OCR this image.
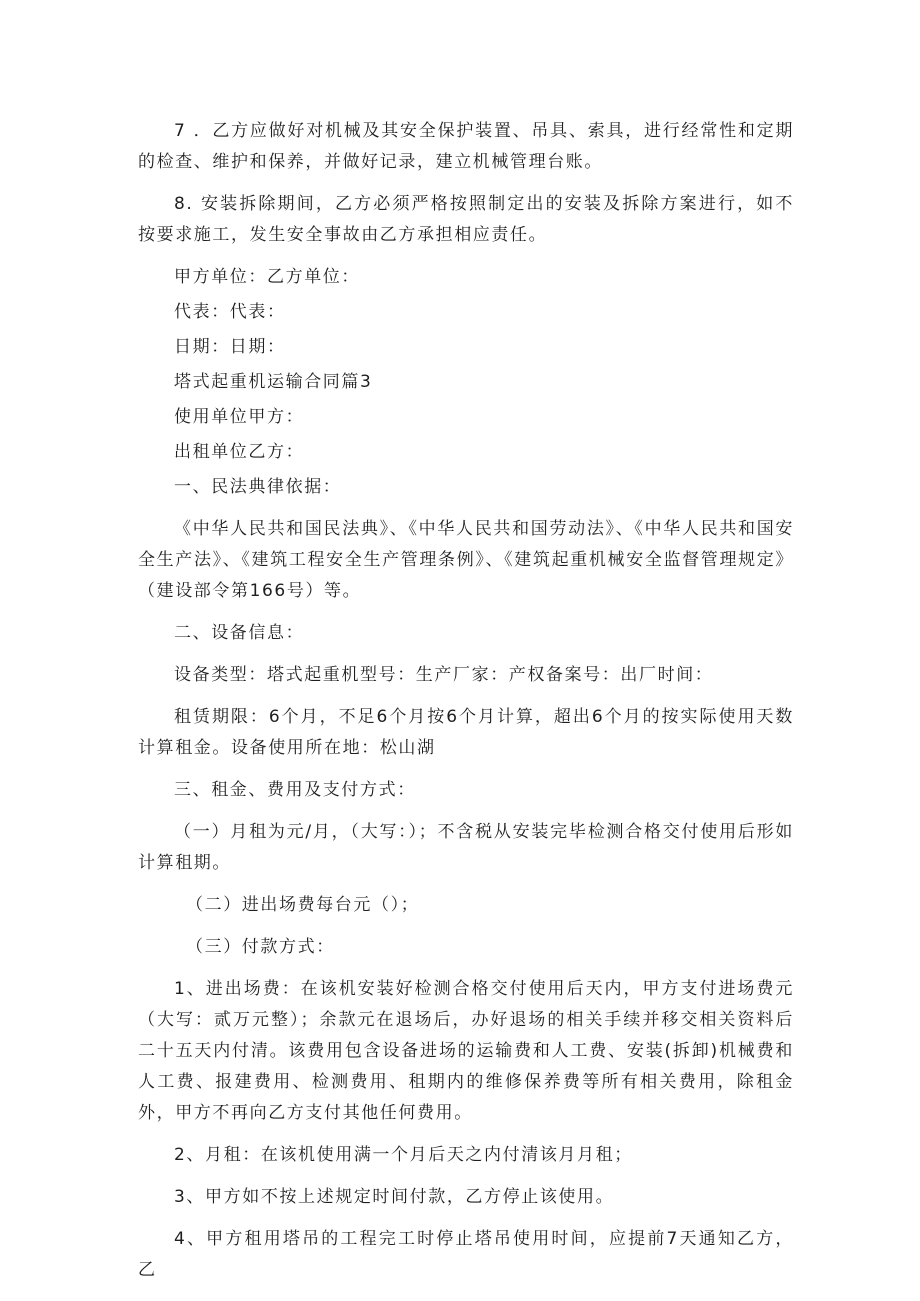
7 ．乙方应做好对机械及其安全保护装置、吊具、索具，进行经常性和定期的检查、维护和保养，并做好记录，建立机械管理台账。

8. 安装拆除期间，乙方必须严格按照制定出的安装及拆除方案进行，如不按要求施工，发生安全事故由乙方承担相应责任。

甲方单位：乙方单位：

代表：代表：

日期：日期：

塔式起重机运输合同篇3

使用单位甲方：

出租单位乙方：

一、民法典律依据：

《中华人民共和国民法典》、《中华人民共和国劳动法》、《中华人民共和国安全生产法》、《建筑工程安全生产管理条例》、《建筑起重机械安全监督管理规定》（建设部令第166号）等。

二、设备信息：

设备类型：塔式起重机型号：生产厂家：产权备案号：出厂时间：

租赁期限：6个月，不足6个月按6个月计算，超出6个月的按实际使用天数计算租金。设备使用所在地：松山湖

三、租金、费用及支付方式：

（一）月租为元/月，（大写：）；不含税从安装完毕检测合格交付使用后形如计算租期。

（二）进出场费每台元（）；

（三）付款方式：

1、进出场费：在该机安装好检测合格交付使用后天内，甲方支付进场费元（大写：贰万元整）；余款元在退场后，办好退场的相关手续并移交相关资料后二十五天内付清。该费用包含设备进场的运输费和人工费、安装(拆卸)机械费和人工费、报建费用、检测费用、租期内的维修保养费等所有相关费用，除租金外，甲方不再向乙方支付其他任何费用。

2、月租：在该机使用满一个月后天之内付清该月月租；

3、甲方如不按上述规定时间付款，乙方停止该使用。

4、甲方租用塔吊的工程完工时停止塔吊使用时间，应提前7天通知乙方，乙
